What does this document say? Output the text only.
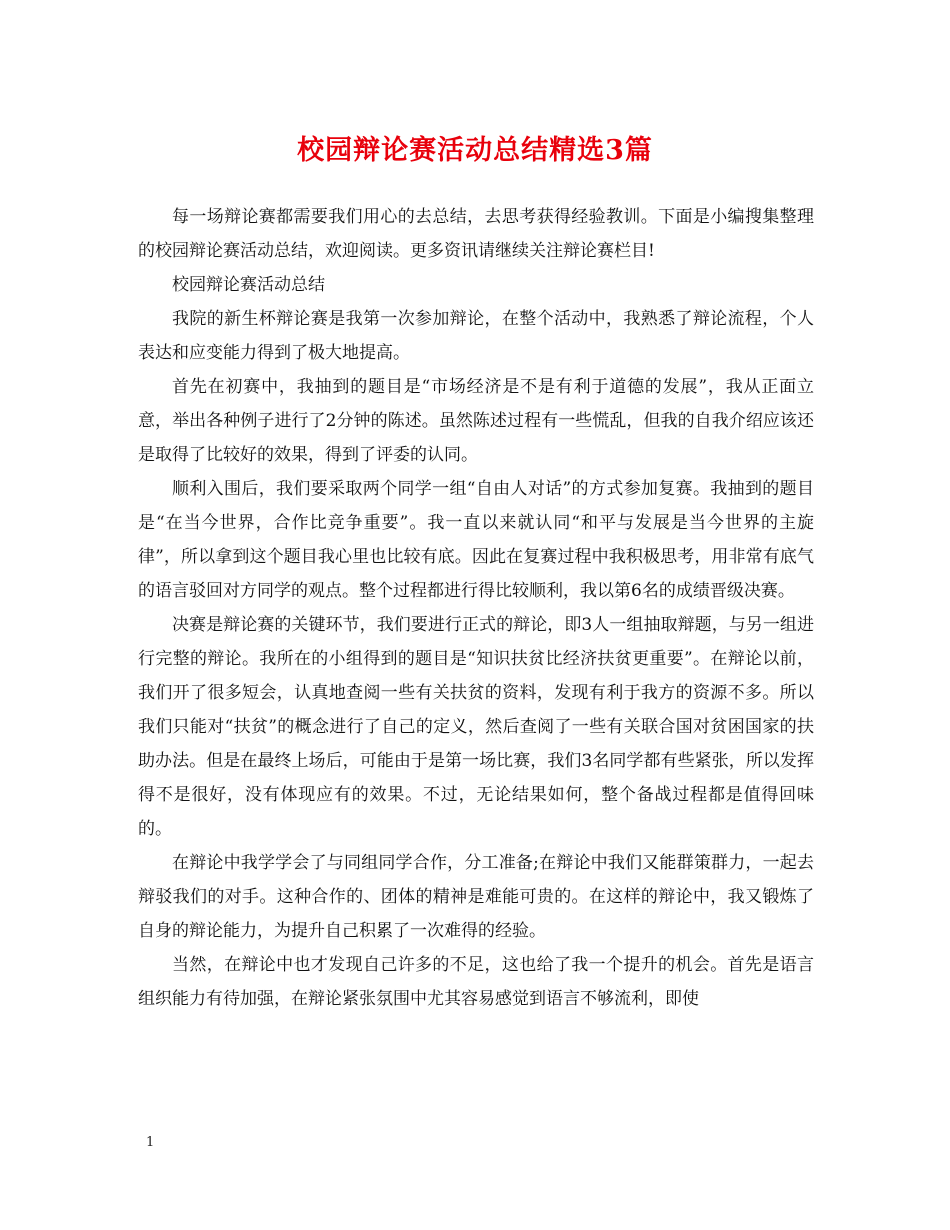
校园辩论赛活动总结精选3篇

每一场辩论赛都需要我们用心的去总结，去思考获得经验教训。下面是小编搜集整理的校园辩论赛活动总结，欢迎阅读。更多资讯请继续关注辩论赛栏目!

校园辩论赛活动总结

我院的新生杯辩论赛是我第一次参加辩论，在整个活动中，我熟悉了辩论流程，个人表达和应变能力得到了极大地提高。

首先在初赛中，我抽到的题目是“市场经济是不是有利于道德的发展”，我从正面立意，举出各种例子进行了2分钟的陈述。虽然陈述过程有一些慌乱，但我的自我介绍应该还是取得了比较好的效果，得到了评委的认同。

顺利入围后，我们要采取两个同学一组“自由人对话”的方式参加复赛。我抽到的题目是“在当今世界，合作比竞争重要”。我一直以来就认同“和平与发展是当今世界的主旋律”，所以拿到这个题目我心里也比较有底。因此在复赛过程中我积极思考，用非常有底气的语言驳回对方同学的观点。整个过程都进行得比较顺利，我以第6名的成绩晋级决赛。

决赛是辩论赛的关键环节，我们要进行正式的辩论，即3人一组抽取辩题，与另一组进行完整的辩论。我所在的小组得到的题目是“知识扶贫比经济扶贫更重要”。在辩论以前，我们开了很多短会，认真地查阅一些有关扶贫的资料，发现有利于我方的资源不多。所以我们只能对“扶贫”的概念进行了自己的定义，然后查阅了一些有关联合国对贫困国家的扶助办法。但是在最终上场后，可能由于是第一场比赛，我们3名同学都有些紧张，所以发挥得不是很好，没有体现应有的效果。不过，无论结果如何，整个备战过程都是值得回味的。

在辩论中我学学会了与同组同学合作，分工准备;在辩论中我们又能群策群力，一起去辩驳我们的对手。这种合作的、团体的精神是难能可贵的。在这样的辩论中，我又锻炼了自身的辩论能力，为提升自己积累了一次难得的经验。

当然，在辩论中也才发现自己许多的不足，这也给了我一个提升的机会。首先是语言组织能力有待加强，在辩论紧张氛围中尤其容易感觉到语言不够流利，即使

1
